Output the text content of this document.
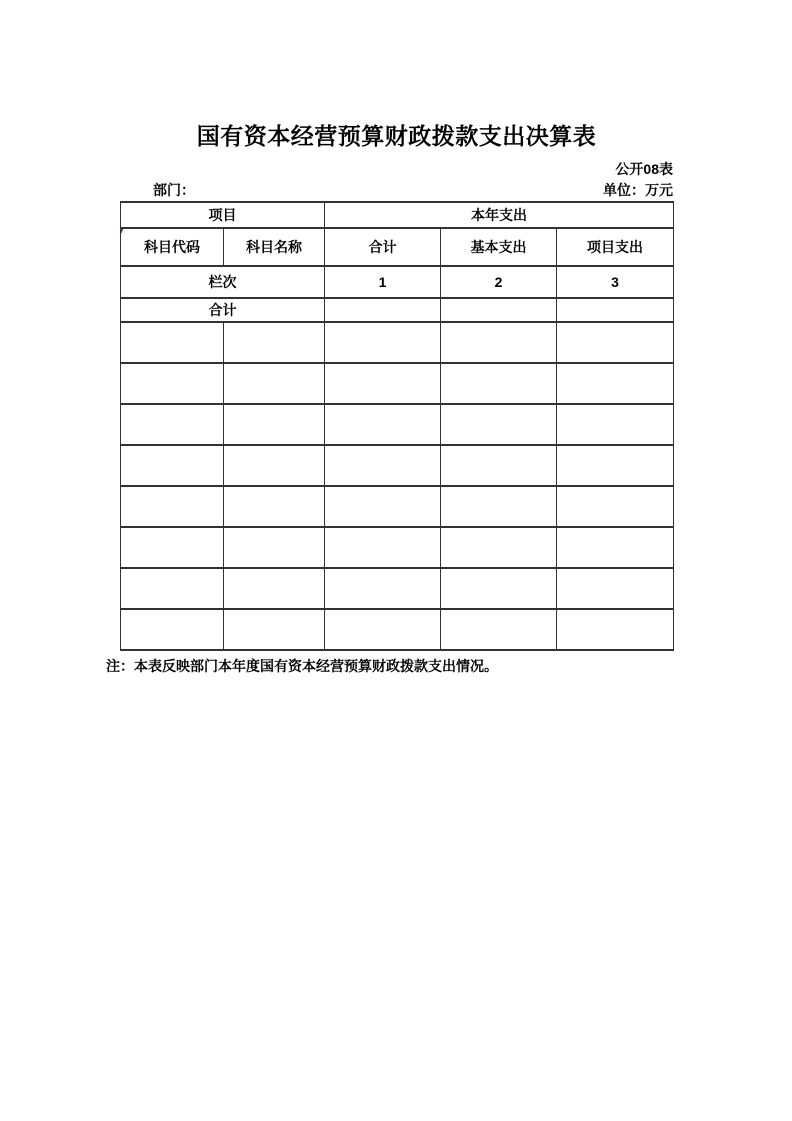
国有资本经营预算财政拨款支出决算表
公开08表
部门：	单位：万元
项目		本年支出		

科目代码	科目名称	合计	基本支出	项目支出
栏次		1	2	3
合计				

注：本表反映部门本年度国有资本经营预算财政拨款支出情况。
